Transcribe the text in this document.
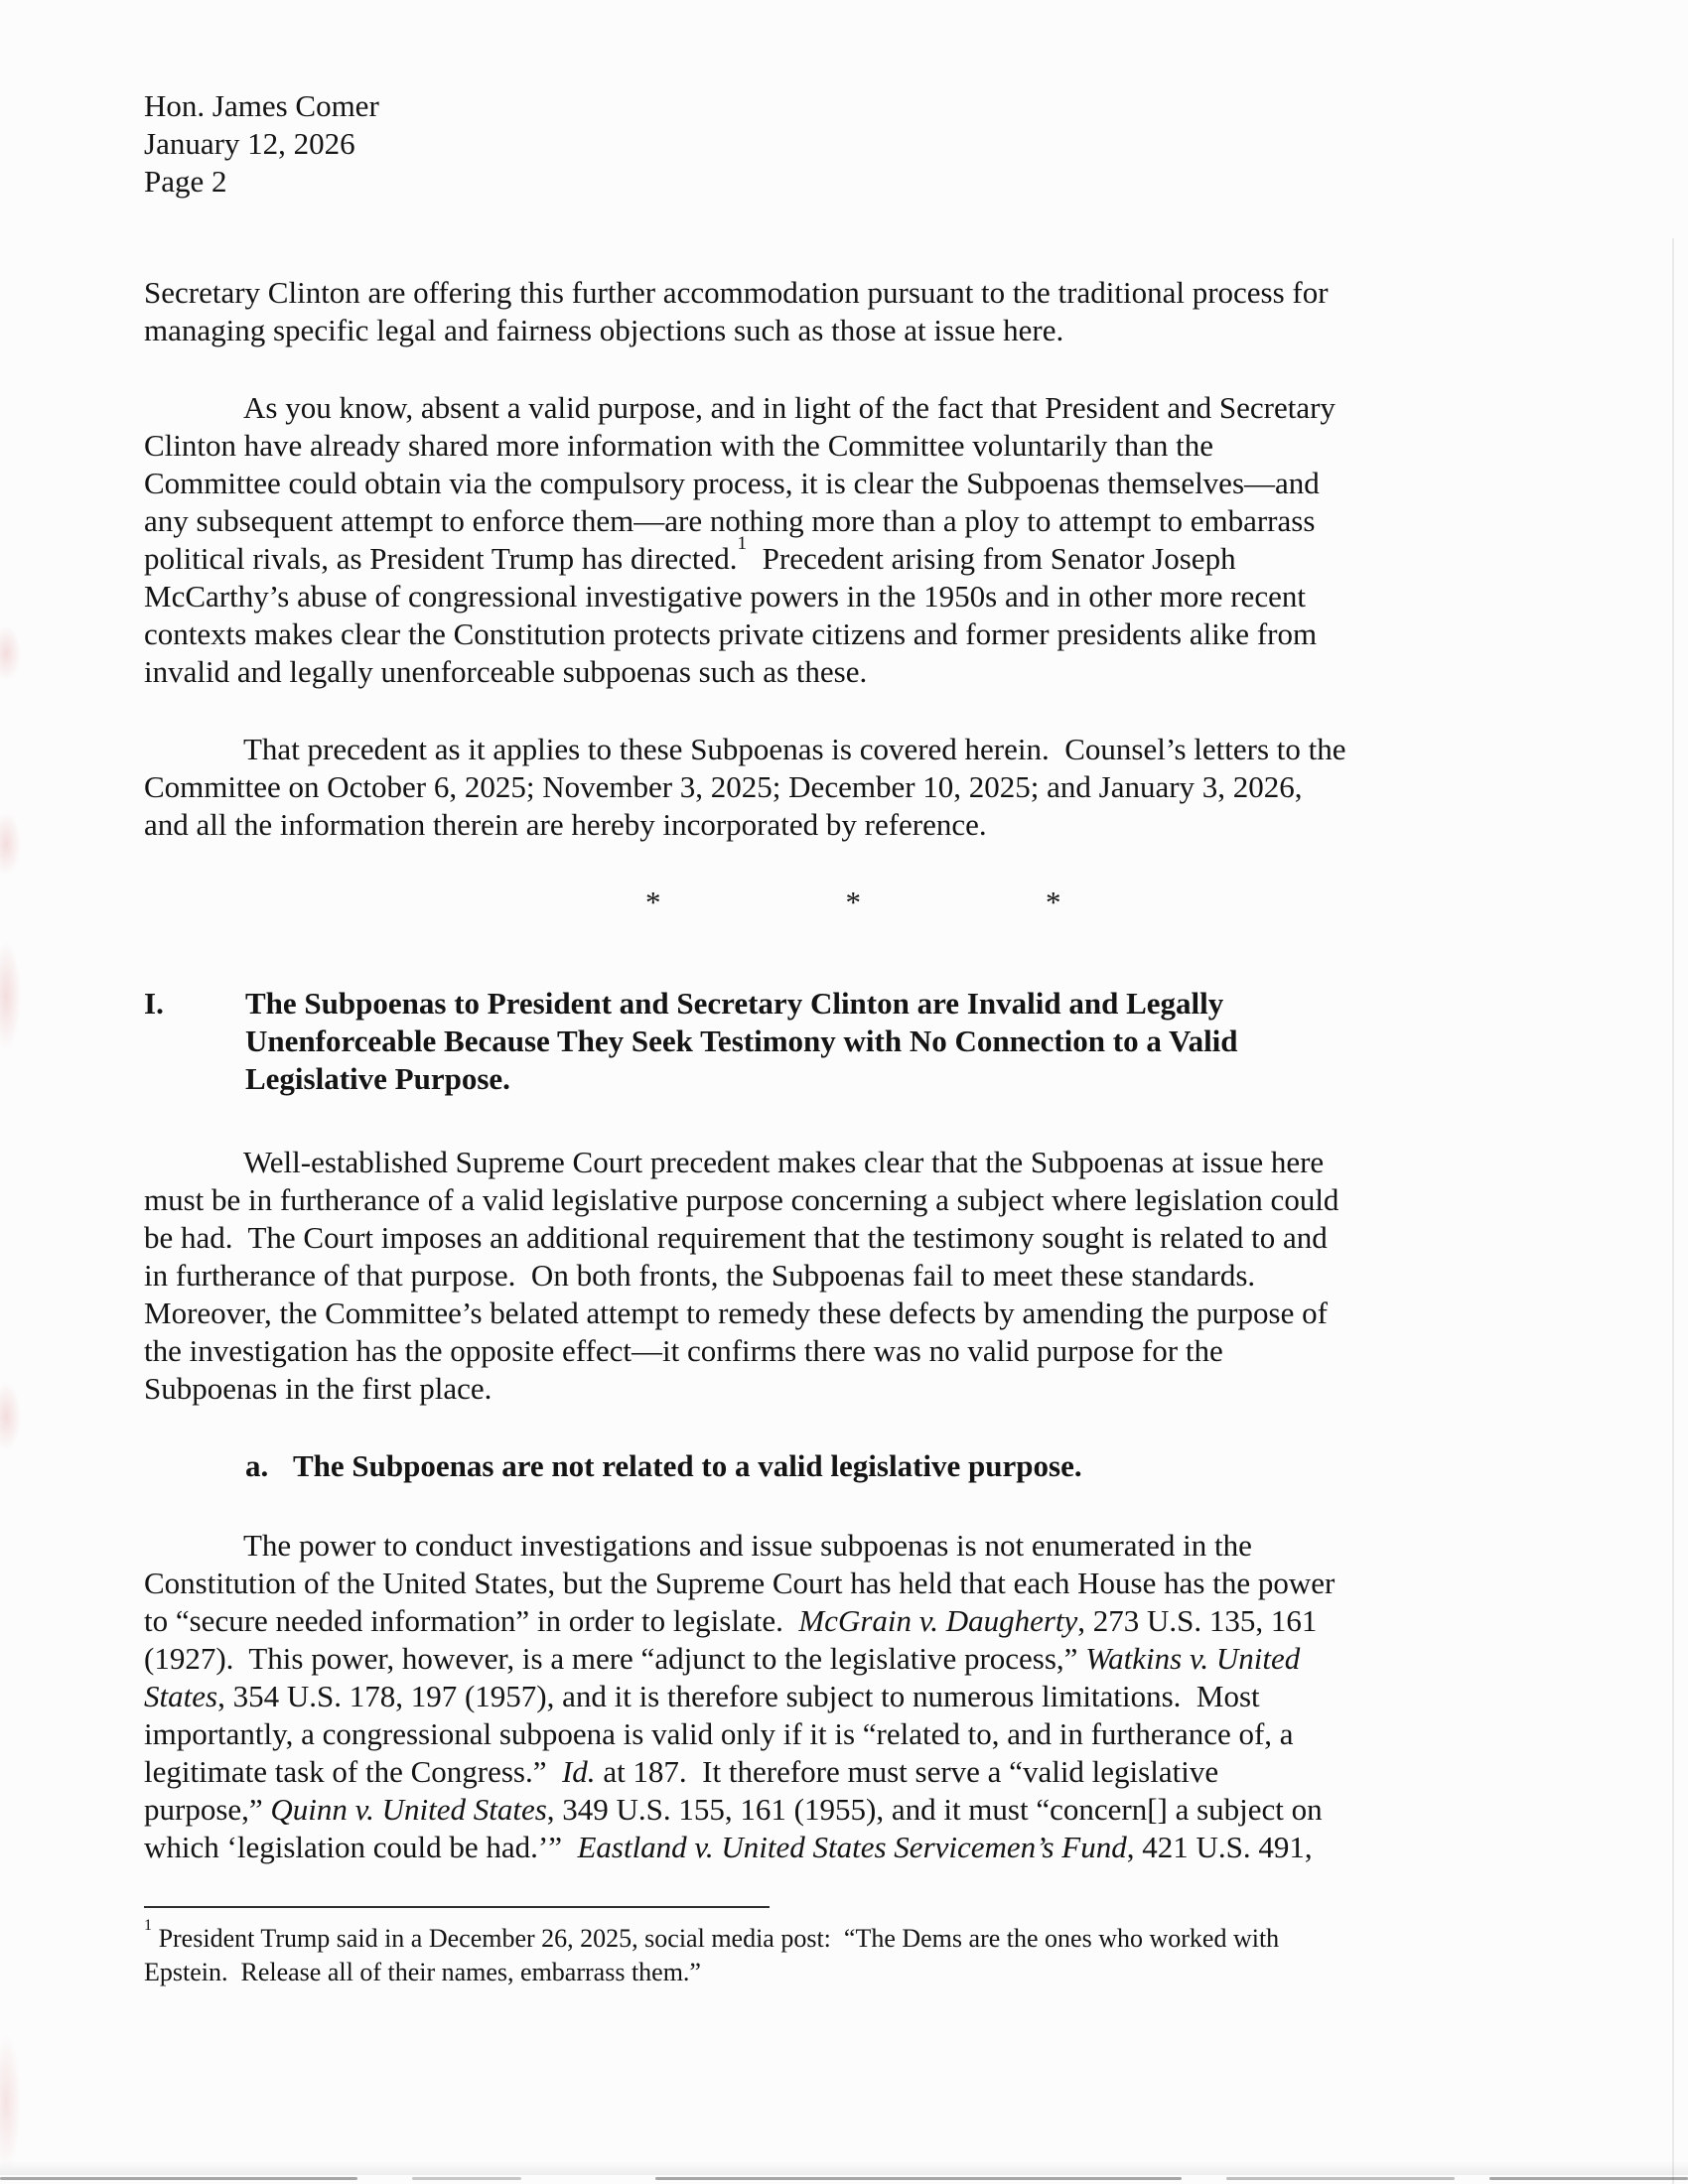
Hon. James Comer
January 12, 2026
Page 2
Secretary Clinton are offering this further accommodation pursuant to the traditional process for
managing specific legal and fairness objections such as those at issue here.
As you know, absent a valid purpose, and in light of the fact that President and Secretary
Clinton have already shared more information with the Committee voluntarily than the
Committee could obtain via the compulsory process, it is clear the Subpoenas themselves—and
any subsequent attempt to enforce them—are nothing more than a ploy to attempt to embarrass
political rivals, as President Trump has directed.$^1$  Precedent arising from Senator Joseph
McCarthy’s abuse of congressional investigative powers in the 1950s and in other more recent
contexts makes clear the Constitution protects private citizens and former presidents alike from
invalid and legally unenforceable subpoenas such as these.
That precedent as it applies to these Subpoenas is covered herein.  Counsel’s letters to the
Committee on October 6, 2025; November 3, 2025; December 10, 2025; and January 3, 2026,
and all the information therein are hereby incorporated by reference.
*	*	*
I.	The Subpoenas to President and Secretary Clinton are Invalid and Legally
Unenforceable Because They Seek Testimony with No Connection to a Valid
Legislative Purpose.
Well-established Supreme Court precedent makes clear that the Subpoenas at issue here
must be in furtherance of a valid legislative purpose concerning a subject where legislation could
be had.  The Court imposes an additional requirement that the testimony sought is related to and
in furtherance of that purpose.  On both fronts, the Subpoenas fail to meet these standards.
Moreover, the Committee’s belated attempt to remedy these defects by amending the purpose of
the investigation has the opposite effect—it confirms there was no valid purpose for the
Subpoenas in the first place.
a. The Subpoenas are not related to a valid legislative purpose.
The power to conduct investigations and issue subpoenas is not enumerated in the
Constitution of the United States, but the Supreme Court has held that each House has the power
to “secure needed information” in order to legislate.  McGrain v. Daugherty, 273 U.S. 135, 161
(1927).  This power, however, is a mere “adjunct to the legislative process,” Watkins v. United
States, 354 U.S. 178, 197 (1957), and it is therefore subject to numerous limitations.  Most
importantly, a congressional subpoena is valid only if it is “related to, and in furtherance of, a
legitimate task of the Congress.”  Id. at 187.  It therefore must serve a “valid legislative
purpose,” Quinn v. United States, 349 U.S. 155, 161 (1955), and it must “concern[] a subject on
which ‘legislation could be had.’”  Eastland v. United States Servicemen’s Fund, 421 U.S. 491,
$^1$ President Trump said in a December 26, 2025, social media post:  “The Dems are the ones who worked with
Epstein.  Release all of their names, embarrass them.”
